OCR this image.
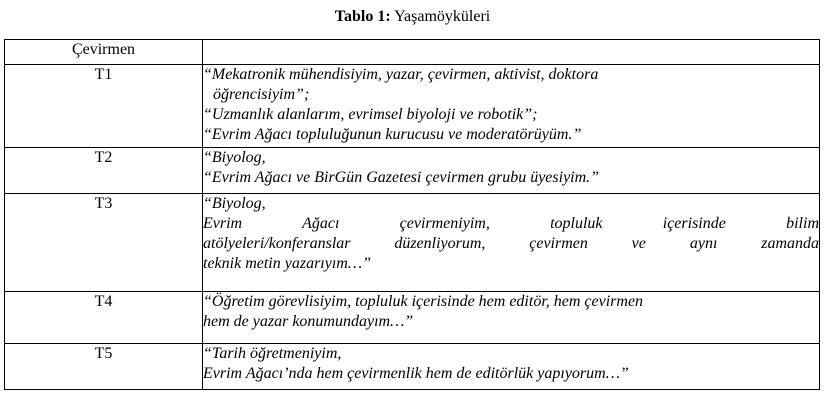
Tablo 1: Yaşamöyküleri
Çevirmen	
T1	“Mekatronik mühendisiyim, yazar, çevirmen, aktivist, doktora
öğrencisiyim”;
“Uzmanlık alanlarım, evrimsel biyoloji ve robotik”;
“Evrim Ağacı topluluğunun kurucusu ve moderatörüyüm.”

T2	“Biyolog,
“Evrim Ağacı ve BirGün Gazetesi çevirmen grubu üyesiyim.”

T3	“Biyolog,
Evrim Ağacı çevirmeniyim, topluluk içerisinde bilim
atölyeleri/konferanslar düzenliyorum, çevirmen ve aynı zamanda
teknik metin yazarıyım…”

T4	“Öğretim görevlisiyim, topluluk içerisinde hem editör, hem çevirmen
hem de yazar konumundayım…”

T5	“Tarih öğretmeniyim,
Evrim Ağacı’nda hem çevirmenlik hem de editörlük yapıyorum…”
